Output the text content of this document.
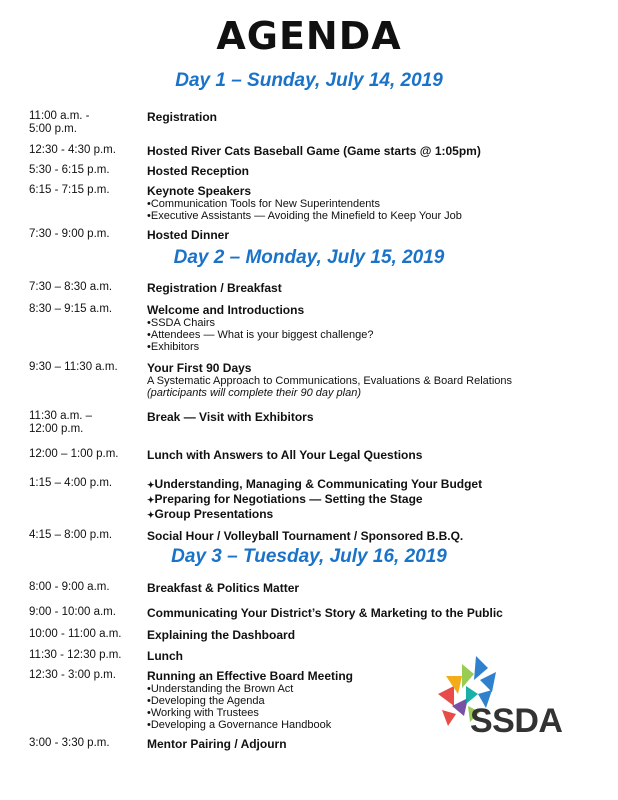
AGENDA
Day 1 – Sunday, July 14, 2019
11:00 a.m. -
5:00 p.m.
Registration
12:30 - 4:30 p.m.	Hosted River Cats Baseball Game (Game starts @ 1:05pm)
5:30 - 6:15 p.m.	Hosted Reception
6:15 - 7:15 p.m.	Keynote Speakers
• Communication Tools for New Superintendents
• Executive Assistants — Avoiding the Minefield to Keep Your Job
7:30 - 9:00 p.m.	Hosted Dinner
Day 2 – Monday, July 15, 2019
7:30 – 8:30 a.m.	Registration / Breakfast
8:30 – 9:15 a.m.	Welcome and Introductions
• SSDA Chairs
• Attendees — What is your biggest challenge?
• Exhibitors
9:30 – 11:30 a.m.	Your First 90 Days
A Systematic Approach to Communications, Evaluations & Board Relations
(participants will complete their 90 day plan)
11:30 a.m. –
12:00 p.m.
Break — Visit with Exhibitors
12:00 – 1:00 p.m.	Lunch with Answers to All Your Legal Questions
1:15 – 4:00 p.m.
✦	Understanding, Managing & Communicating Your Budget
✦ Preparing for Negotiations — Setting the Stage
✦ Group Presentations
4:15 – 8:00 p.m.	Social Hour / Volleyball Tournament / Sponsored B.B.Q.
Day 3 – Tuesday, July 16, 2019
8:00 - 9:00 a.m.	Breakfast & Politics Matter
9:00 - 10:00 a.m.	Communicating Your District’s Story & Marketing to the Public
10:00 - 11:00 a.m.	Explaining the Dashboard
11:30 - 12:30 p.m.	Lunch
12:30 - 3:00 p.m.	Running an Effective Board Meeting
• Understanding the Brown Act
• Developing the Agenda
• Working with Trustees
• Developing a Governance Handbook
3:00 - 3:30 p.m.	Mentor Pairing / Adjourn
SSDA
